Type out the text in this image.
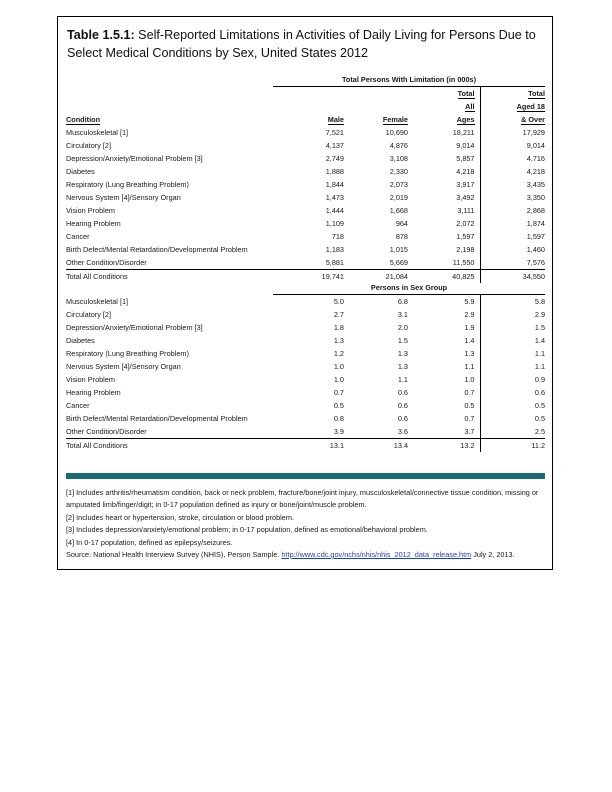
Table 1.5.1: Self-Reported Limitations in Activities of Daily Living for Persons Due to Select Medical Conditions by Sex, United States 2012

	Total Persons With Limitation (in 000s)			

			Total	Total
			All	Aged 18
Condition	Male	Female	Ages	& Over
Musculoskeletal [1]	7,521	10,690	18,211	17,929
Circulatory [2]	4,137	4,876	9,014	9,014
Depression/Anxiety/Emotional Problem [3]	2,749	3,108	5,857	4,716
Diabetes	1,888	2,330	4,218	4,218
Respiratory (Lung Breathing Problem)	1,844	2,073	3,917	3,435
Nervous System [4]/Sensory Organ	1,473	2,019	3,492	3,350
Vision Problem	1,444	1,668	3,111	2,868
Hearing Problem	1,109	964	2,072	1,874
Cancer	718	878	1,597	1,597
Birth Defect/Mental Retardation/Developmental Problem	1,183	1,015	2,198	1,460
Other Condition/Disorder	5,881	5,669	11,550	7,576
Total All Conditions	19,741	21,084	40,825	34,550

	Persons in Sex Group			

Musculoskeletal [1]	5.0	6.8	5.9	5.8
Circulatory [2]	2.7	3.1	2.9	2.9
Depression/Anxiety/Emotional Problem [3]	1.8	2.0	1.9	1.5
Diabetes	1.3	1.5	1.4	1.4
Respiratory (Lung Breathing Problem)	1.2	1.3	1.3	1.1
Nervous System [4]/Sensory Organ	1.0	1.3	1.1	1.1
Vision Problem	1.0	1.1	1.0	0.9
Hearing Problem	0.7	0.6	0.7	0.6
Cancer	0.5	0.6	0.5	0.5
Birth Defect/Mental Retardation/Developmental Problem	0.8	0.6	0.7	0.5
Other Condition/Disorder	3.9	3.6	3.7	2.5
Total All Conditions	13.1	13.4	13.2	11.2

[1] Includes arthritis/rheumatism condition, back or neck problem, fracture/bone/joint injury, musculoskeletal/connective tissue condition, missing or amputated limb/finger/digit; in 0-17 population defined as injury or bone/joint/muscle problem.

[2] Includes heart or hypertension, stroke, circulation or blood problem.

[3] Includes depression/anxiety/emotional problem; in 0-17 population, defined as emotional/behavioral problem.

[4] In 0-17 population, defined as epilepsy/seizures.

Source: National Health Interview Survey (NHIS), Person Sample. http://www.cdc.gov/nchs/nhis/nhis_2012_data_release.htm July 2, 2013.
